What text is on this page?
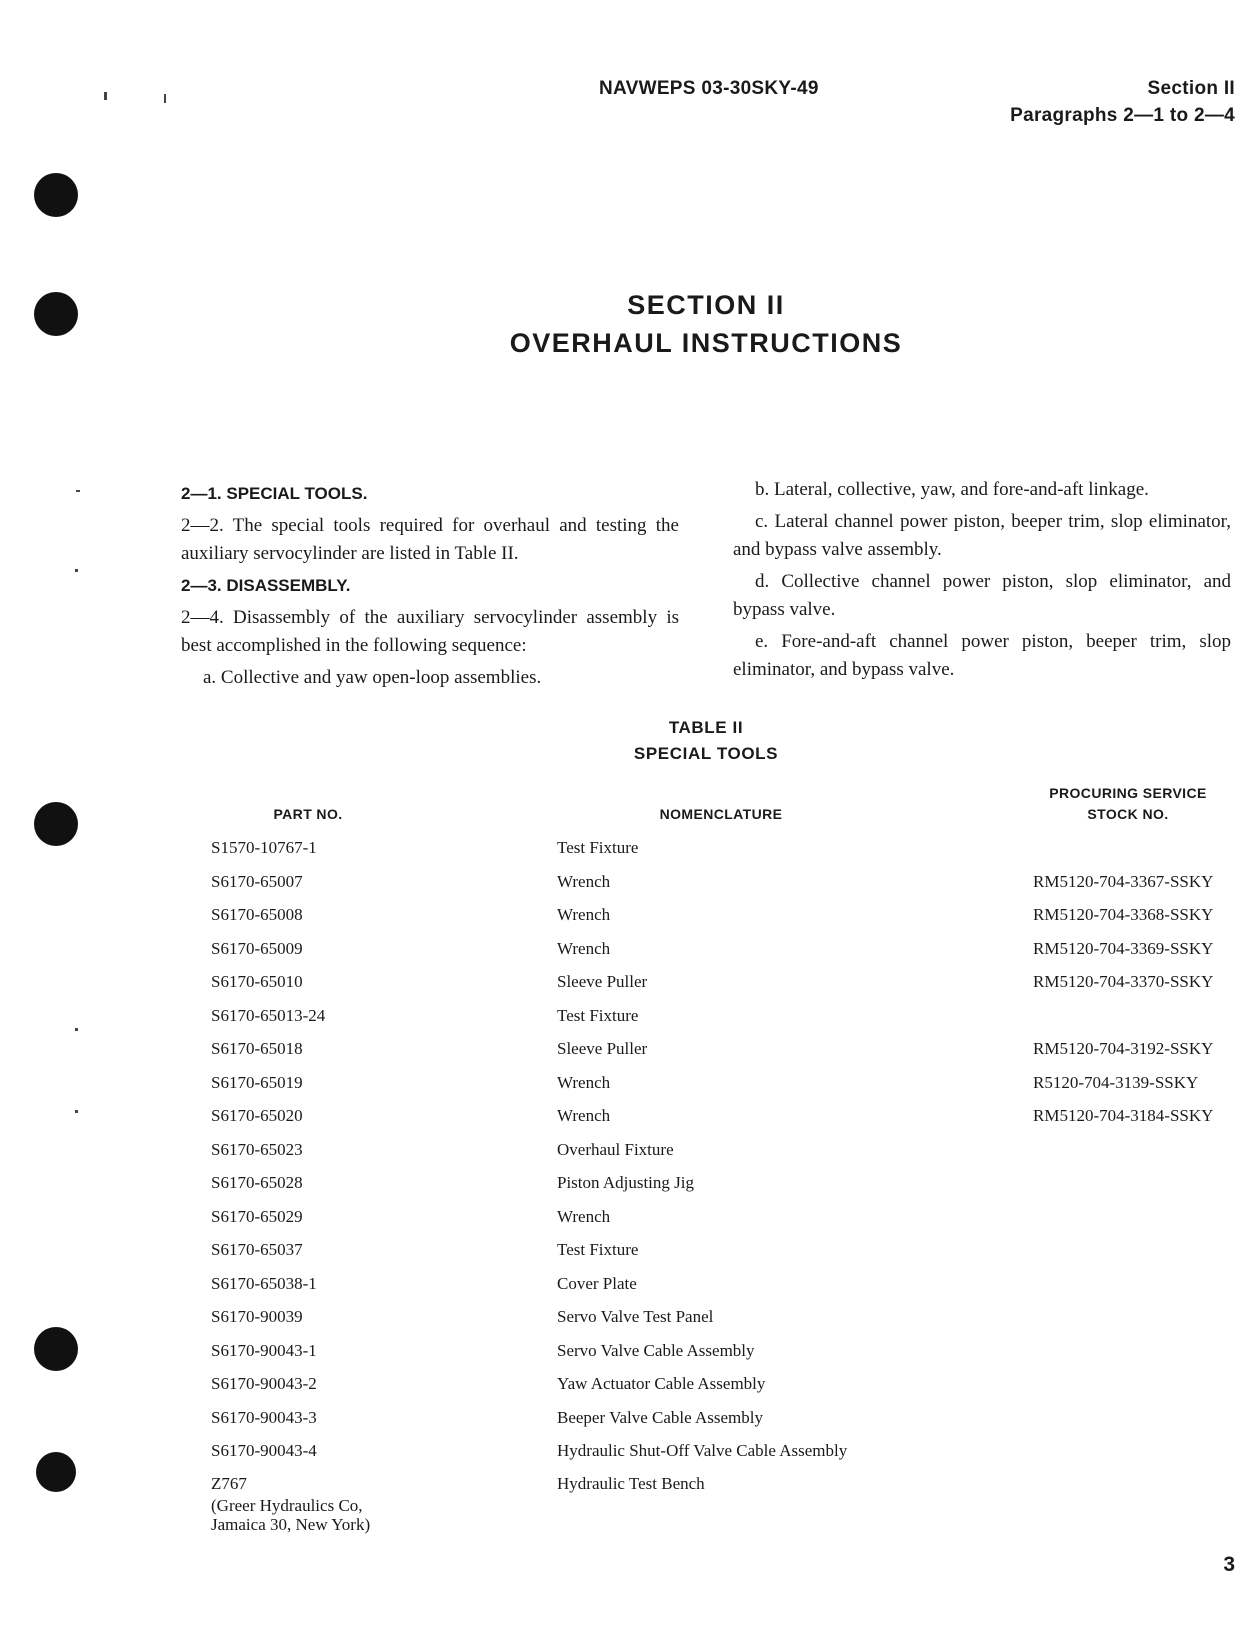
NAVWEPS 03-30SKY-49	Section II
Paragraphs 2—1 to 2—4
SECTION II
OVERHAUL INSTRUCTIONS
2—1. SPECIAL TOOLS.

2—2. The special tools required for overhaul and testing the auxiliary servocylinder are listed in Table II.

2—3. DISASSEMBLY.

2—4. Disassembly of the auxiliary servocylinder assembly is best accomplished in the following sequence:

a. Collective and yaw open-loop assemblies.

b. Lateral, collective, yaw, and fore-and-aft linkage.

c. Lateral channel power piston, beeper trim, slop eliminator, and bypass valve assembly.

d. Collective channel power piston, slop eliminator, and bypass valve.

e. Fore-and-aft channel power piston, beeper trim, slop eliminator, and bypass valve.

TABLE II
SPECIAL TOOLS
PART NO.	NOMENCLATURE
PROCURING SERVICE
STOCK NO.
S1570-10767-1	Test Fixture
S6170-65007	Wrench	RM5120-704-3367-SSKY
S6170-65008	Wrench	RM5120-704-3368-SSKY
S6170-65009	Wrench	RM5120-704-3369-SSKY
S6170-65010	Sleeve Puller	RM5120-704-3370-SSKY
S6170-65013-24	Test Fixture
S6170-65018	Sleeve Puller	RM5120-704-3192-SSKY
S6170-65019	Wrench	R5120-704-3139-SSKY
S6170-65020	Wrench	RM5120-704-3184-SSKY
S6170-65023	Overhaul Fixture
S6170-65028	Piston Adjusting Jig
S6170-65029	Wrench
S6170-65037	Test Fixture
S6170-65038-1	Cover Plate
S6170-90039	Servo Valve Test Panel
S6170-90043-1	Servo Valve Cable Assembly
S6170-90043-2	Yaw Actuator Cable Assembly
S6170-90043-3	Beeper Valve Cable Assembly
S6170-90043-4	Hydraulic Shut-Off Valve Cable Assembly
Z767	Hydraulic Test Bench
(Greer Hydraulics Co,
Jamaica 30, New York)
3
